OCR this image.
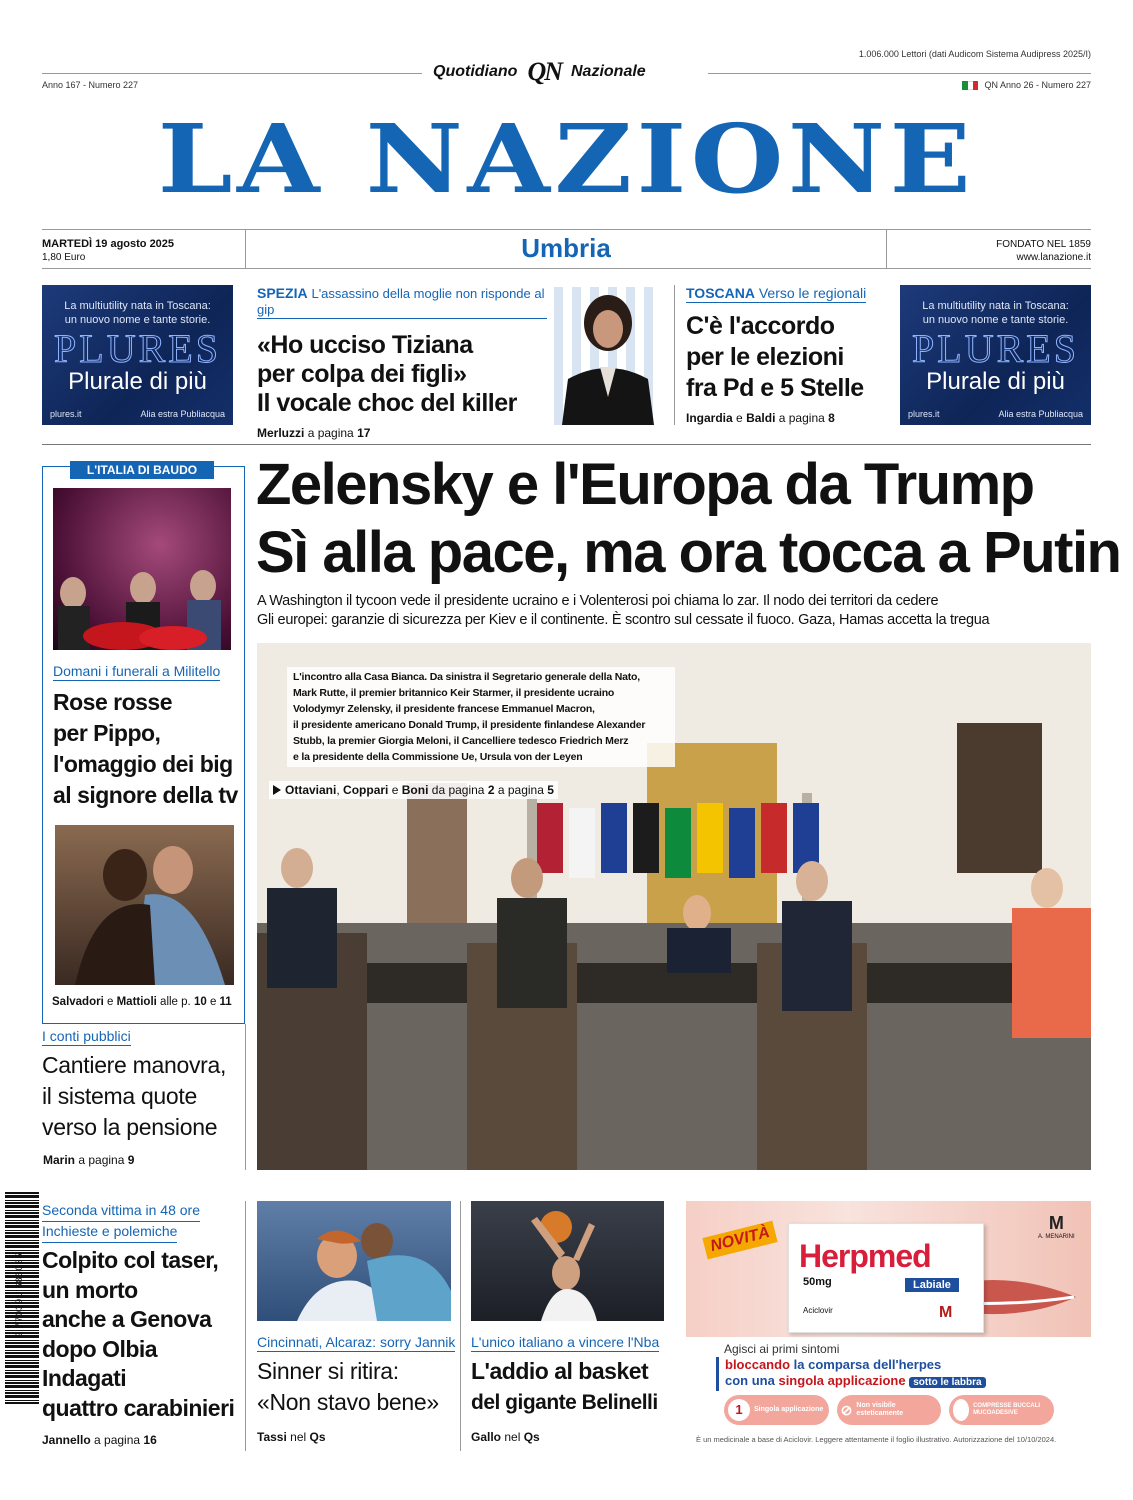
1.006.000 Lettori (dati Audicom Sistema Audipress 2025/I)
Quotidiano QN Nazionale
Anno 167 - Numero 227	QN Anno 26 - Numero 227
LA NAZIONE
MARTEDÌ 19 agosto 2025
1,80 Euro	Umbria	FONDATO NEL 1859
www.lanazione.it
La multiutility nata in Toscana:
un nuovo nome e tante storie.
PLURES
Plurale di più
plures.it	Alia estra Publiacqua
SPEZIA L'assassino della moglie non risponde al gip
«Ho ucciso Tiziana
per colpa dei figli»
Il vocale choc del killer
Merluzzi a pagina 17
TOSCANA Verso le regionali
C'è l'accordo
per le elezioni
fra Pd e 5 Stelle
Ingardia e Baldi a pagina 8
La multiutility nata in Toscana:
un nuovo nome e tante storie.
PLURES
Plurale di più
plures.it	Alia estra Publiacqua
L'ITALIA DI BAUDO
Domani i funerali a Militello
Rose rosse
per Pippo,
l'omaggio dei big
al signore della tv
Salvadori e Mattioli alle p. 10 e 11
I conti pubblici
Cantiere manovra,
il sistema quote
verso la pensione
Marin a pagina 9
Zelensky e l'Europa da Trump
Sì alla pace, ma ora tocca a Putin
A Washington il tycoon vede il presidente ucraino e i Volenterosi poi chiama lo zar. Il nodo dei territori da cedere
Gli europei: garanzie di sicurezza per Kiev e il continente. È scontro sul cessate il fuoco. Gaza, Hamas accetta la tregua
L'incontro alla Casa Bianca. Da sinistra il Segretario generale della Nato,
Mark Rutte, il premier britannico Keir Starmer, il presidente ucraino
Volodymyr Zelensky, il presidente francese Emmanuel Macron,
il presidente americano Donald Trump, il presidente finlandese Alexander
Stubb, la premier Giorgia Meloni, il Cancelliere tedesco Friedrich Merz
e la presidente della Commissione Ue, Ursula von der Leyen
Ottaviani, Coppari e Boni da pagina 2 a pagina 5
9 770391 686035
Seconda vittima in 48 ore
Inchieste e polemiche
Colpito col taser,
un morto
anche a Genova
dopo Olbia
Indagati
quattro carabinieri
Jannello a pagina 16
Cincinnati, Alcaraz: sorry Jannik
Sinner si ritira:
«Non stavo bene»
Tassi nel Qs
L'unico italiano a vincere l'Nba
L'addio al basket
del gigante Belinelli
Gallo nel Qs
NOVITÀ Herpmed
50mg	Labiale
Aciclovir	M
M
A. MENARINI
Agisci ai primi sintomi
bloccando la comparsa dell'herpes
con una singola applicazione sotto le labbra
1	Singola applicazione ⊘ Non visibile esteticamente
COMPRESSE BUCCALI MUCOADESIVE
È un medicinale a base di Aciclovir. Leggere attentamente il foglio illustrativo. Autorizzazione del 10/10/2024.
